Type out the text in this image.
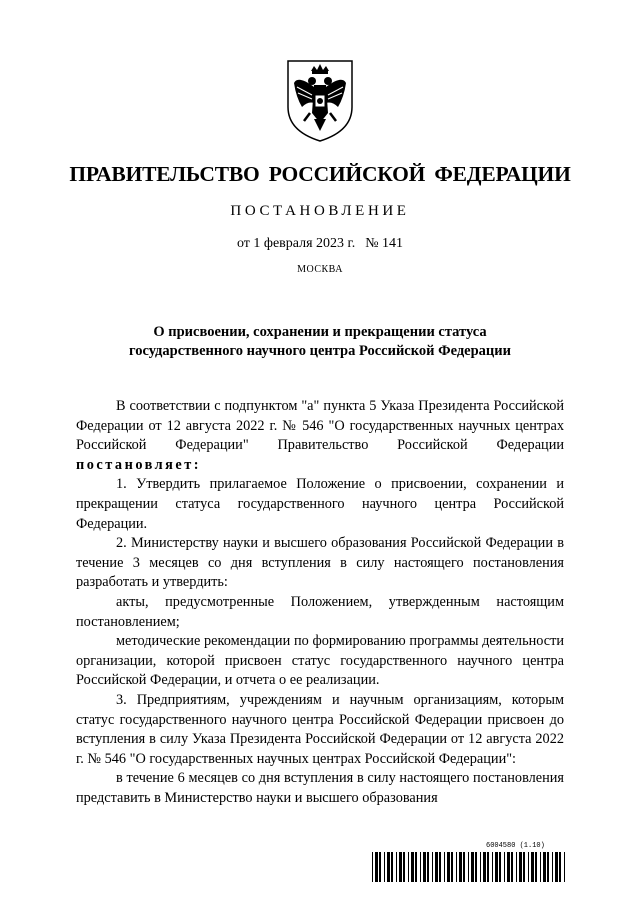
ПРАВИТЕЛЬСТВО РОССИЙСКОЙ ФЕДЕРАЦИИ
ПОСТАНОВЛЕНИЕ
от 1 февраля 2023 г. № 141
МОСКВА
О присвоении, сохранении и прекращении статуса
государственного научного центра Российской Федерации

В соответствии с подпунктом "а" пункта 5 Указа Президента Российской Федерации от 12 августа 2022 г. № 546 "О государственных научных центрах Российской Федерации" Правительство Российской Федерации постановляет:

1. Утвердить прилагаемое Положение о присвоении, сохранении и прекращении статуса государственного научного центра Российской Федерации.

2. Министерству науки и высшего образования Российской Федерации в течение 3 месяцев со дня вступления в силу настоящего постановления разработать и утвердить:

акты, предусмотренные Положением, утвержденным настоящим постановлением;

методические рекомендации по формированию программы деятельности организации, которой присвоен статус государственного научного центра Российской Федерации, и отчета о ее реализации.

3. Предприятиям, учреждениям и научным организациям, которым статус государственного научного центра Российской Федерации присвоен до вступления в силу Указа Президента Российской Федерации от 12 августа 2022 г. № 546 "О государственных научных центрах Российской Федерации":

в течение 6 месяцев со дня вступления в силу настоящего постановления представить в Министерство науки и высшего образования

6004580 (1.10)
